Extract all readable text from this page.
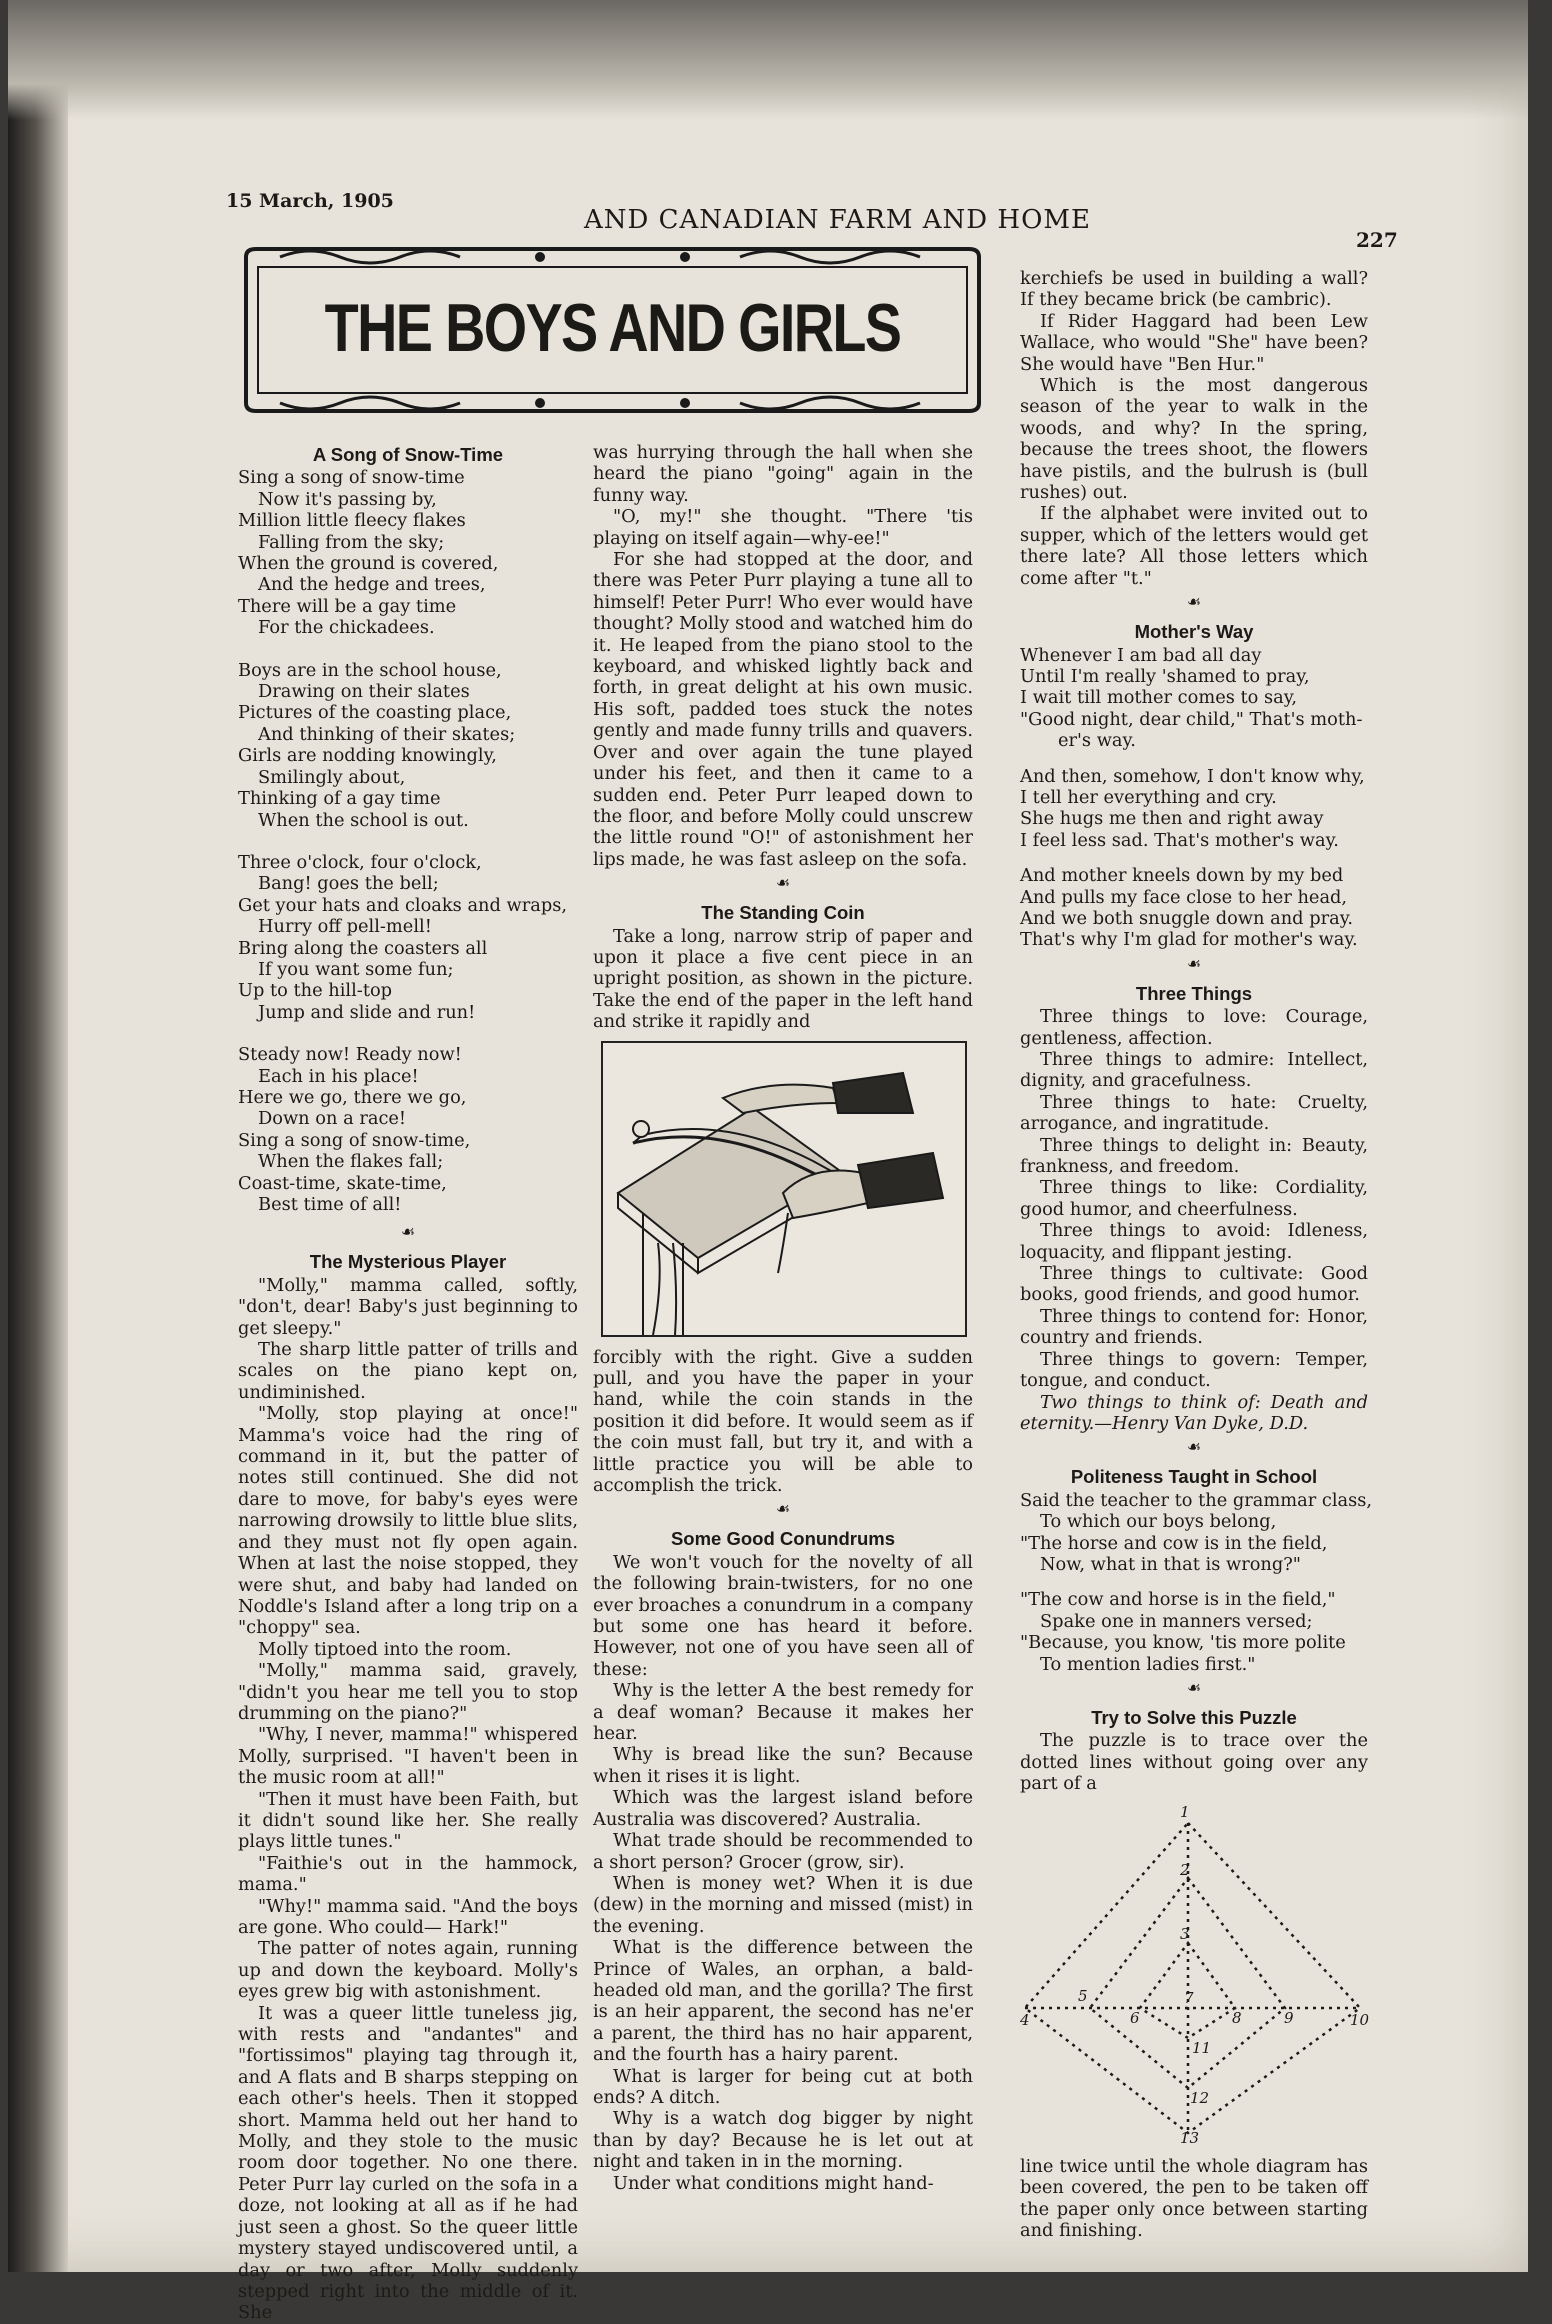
15 March, 1905
AND CANADIAN FARM AND HOME
227
THE BOYS AND GIRLS
A Song of Snow-Time
Sing a song of snow-time
Now it's passing by,
Million little fleecy flakes
Falling from the sky;
When the ground is covered,
And the hedge and trees,
There will be a gay time
For the chickadees.
Boys are in the school house,
Drawing on their slates
Pictures of the coasting place,
And thinking of their skates;
Girls are nodding knowingly,
Smilingly about,
Thinking of a gay time
When the school is out.
Three o'clock, four o'clock,
Bang! goes the bell;
Get your hats and cloaks and wraps,
Hurry off pell-mell!
Bring along the coasters all
If you want some fun;
Up to the hill-top
Jump and slide and run!
Steady now! Ready now!
Each in his place!
Here we go, there we go,
Down on a race!
Sing a song of snow-time,
When the flakes fall;
Coast-time, skate-time,
Best time of all!
☙
The Mysterious Player

"Molly," mamma called, softly, "don't, dear! Baby's just beginning to get sleepy."

The sharp little patter of trills and scales on the piano kept on, undiminished.

"Molly, stop playing at once!" Mamma's voice had the ring of command in it, but the patter of notes still continued. She did not dare to move, for baby's eyes were narrowing drowsily to little blue slits, and they must not fly open again. When at last the noise stopped, they were shut, and baby had landed on Noddle's Island after a long trip on a "choppy" sea.

Molly tiptoed into the room.

"Molly," mamma said, gravely, "didn't you hear me tell you to stop drumming on the piano?"

"Why, I never, mamma!" whispered Molly, surprised. "I haven't been in the music room at all!"

"Then it must have been Faith, but it didn't sound like her. She really plays little tunes."

"Faithie's out in the hammock, mama."

"Why!" mamma said. "And the boys are gone. Who could— Hark!"

The patter of notes again, running up and down the keyboard. Molly's eyes grew big with astonishment.

It was a queer little tuneless jig, with rests and "andantes" and "fortissimos" playing tag through it, and A flats and B sharps stepping on each other's heels. Then it stopped short. Mamma held out her hand to Molly, and they stole to the music room door together. No one there. Peter Purr lay curled on the sofa in a doze, not looking at all as if he had just seen a ghost. So the queer little mystery stayed undiscovered until, a day or two after, Molly suddenly stepped right into the middle of it. She

was hurrying through the hall when she heard the piano "going" again in the funny way.

"O, my!" she thought. "There 'tis playing on itself again—why-ee!"

For she had stopped at the door, and there was Peter Purr playing a tune all to himself! Peter Purr! Who ever would have thought? Molly stood and watched him do it. He leaped from the piano stool to the keyboard, and whisked lightly back and forth, in great delight at his own music. His soft, padded toes stuck the notes gently and made funny trills and quavers. Over and over again the tune played under his feet, and then it came to a sudden end. Peter Purr leaped down to the floor, and before Molly could unscrew the little round "O!" of astonishment her lips made, he was fast asleep on the sofa.

☙
The Standing Coin

Take a long, narrow strip of paper and upon it place a five cent piece in an upright position, as shown in the picture. Take the end of the paper in the left hand and strike it rapidly and

forcibly with the right. Give a sudden pull, and you have the paper in your hand, while the coin stands in the position it did before. It would seem as if the coin must fall, but try it, and with a little practice you will be able to accomplish the trick.

☙
Some Good Conundrums

We won't vouch for the novelty of all the following brain-twisters, for no one ever broaches a conundrum in a company but some one has heard it before. However, not one of you have seen all of these:

Why is the letter A the best remedy for a deaf woman? Because it makes her hear.

Why is bread like the sun? Because when it rises it is light.

Which was the largest island before Australia was discovered? Australia.

What trade should be recommended to a short person? Grocer (grow, sir).

When is money wet? When it is due (dew) in the morning and missed (mist) in the evening.

What is the difference between the Prince of Wales, an orphan, a bald-headed old man, and the gorilla? The first is an heir apparent, the second has ne'er a parent, the third has no hair apparent, and the fourth has a hairy parent.

What is larger for being cut at both ends? A ditch.

Why is a watch dog bigger by night than by day? Because he is let out at night and taken in in the morning.

Under what conditions might hand-

kerchiefs be used in building a wall? If they became brick (be cambric).

If Rider Haggard had been Lew Wallace, who would "She" have been? She would have "Ben Hur."

Which is the most dangerous season of the year to walk in the woods, and why? In the spring, because the trees shoot, the flowers have pistils, and the bulrush is (bull rushes) out.

If the alphabet were invited out to supper, which of the letters would get there late? All those letters which come after "t."

☙
Mother's Way
Whenever I am bad all day
Until I'm really 'shamed to pray,
I wait till mother comes to say,
"Good night, dear child," That's moth-
er's way.
And then, somehow, I don't know why,
I tell her everything and cry.
She hugs me then and right away
I feel less sad. That's mother's way.
And mother kneels down by my bed
And pulls my face close to her head,
And we both snuggle down and pray.
That's why I'm glad for mother's way.
☙
Three Things

Three things to love: Courage, gentleness, affection.

Three things to admire: Intellect, dignity, and gracefulness.

Three things to hate: Cruelty, arrogance, and ingratitude.

Three things to delight in: Beauty, frankness, and freedom.

Three things to like: Cordiality, good humor, and cheerfulness.

Three things to avoid: Idleness, loquacity, and flippant jesting.

Three things to cultivate: Good books, good friends, and good humor.

Three things to contend for: Honor, country and friends.

Three things to govern: Temper, tongue, and conduct.

Two things to think of: Death and eternity.—Henry Van Dyke, D.D.

☙
Politeness Taught in School
Said the teacher to the grammar class,
To which our boys belong,
"The horse and cow is in the field,
Now, what in that is wrong?"
"The cow and horse is in the field,"
Spake one in manners versed;
"Because, you know, 'tis more polite
To mention ladies first."
☙
Try to Solve this Puzzle

The puzzle is to trace over the dotted lines without going over any part of a

1
2
3
4
5
6
7
8	9	10
11
12
13

line twice until the whole diagram has been covered, the pen to be taken off the paper only once between starting and finishing.
